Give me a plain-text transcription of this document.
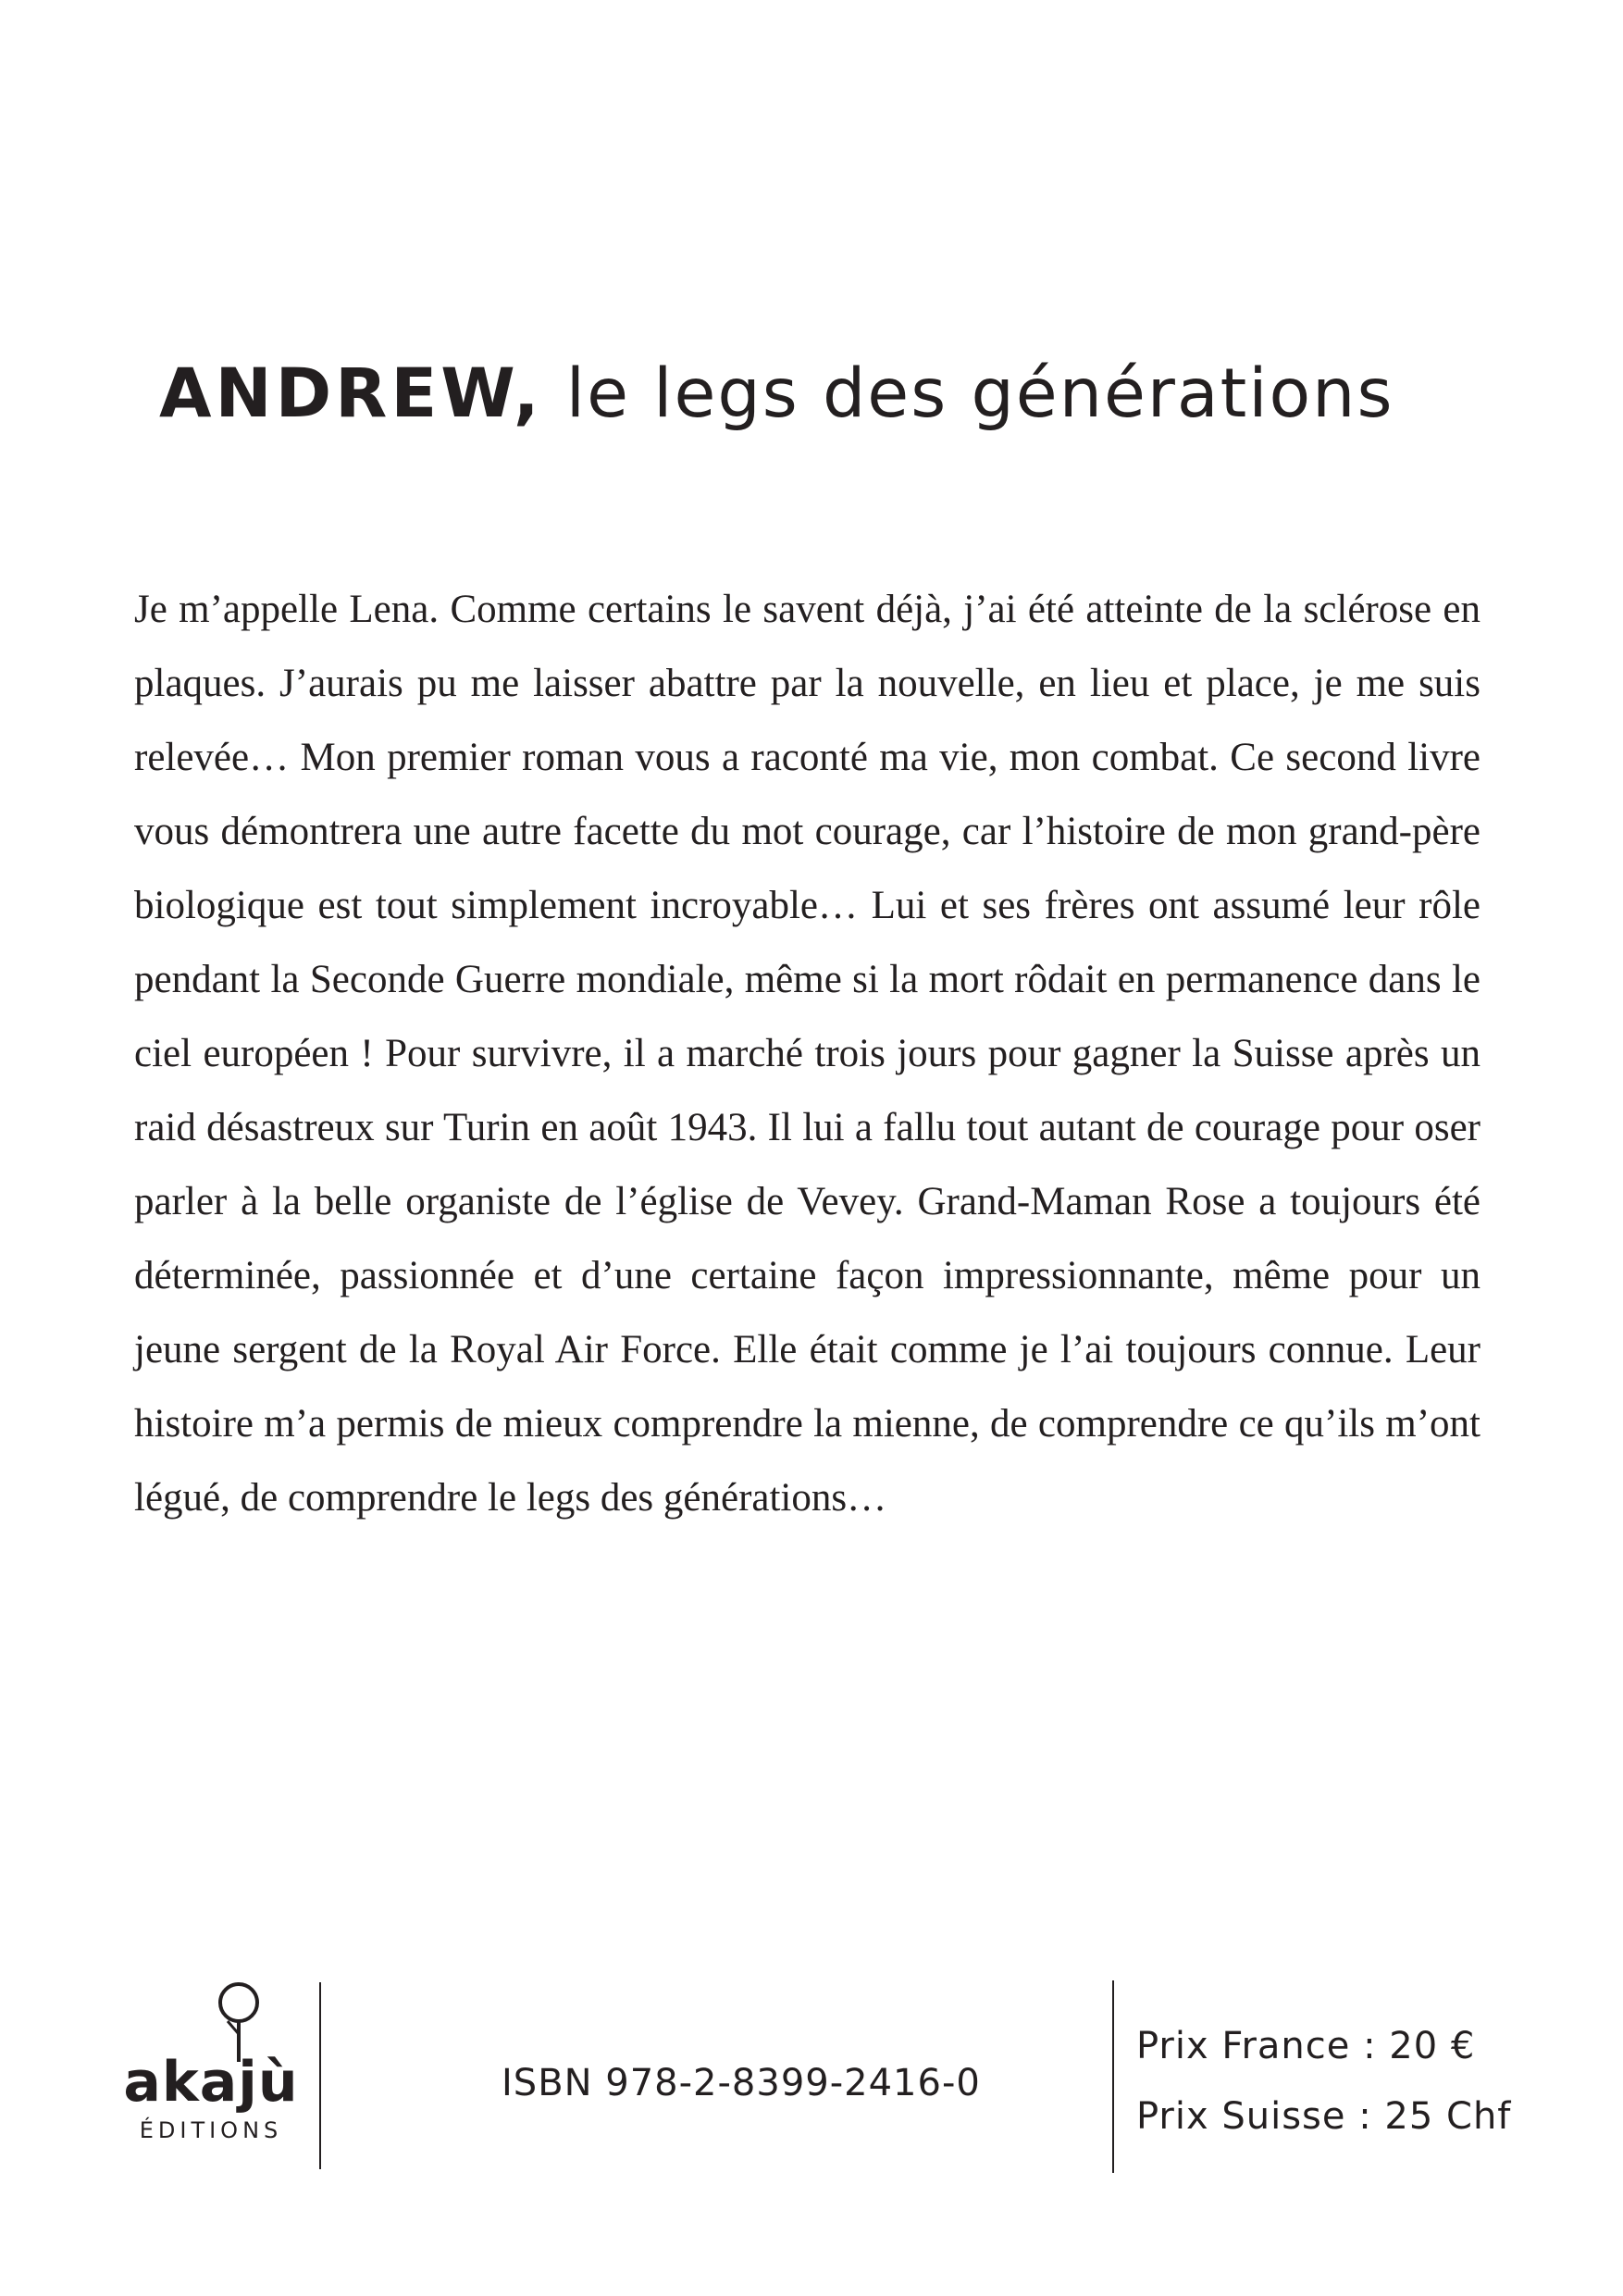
ANDREW, le legs des générations

Je m’appelle Lena. Comme certains le savent déjà, j’ai été atteinte de la sclérose en plaques. J’aurais pu me laisser abattre par la nouvelle, en lieu et place, je me suis relevée… Mon premier roman vous a raconté ma vie, mon combat. Ce second livre vous démontrera une autre facette du mot courage, car l’histoire de mon grand-père biologique est tout simplement incroyable… Lui et ses frères ont assumé leur rôle pendant la Seconde Guerre mondiale, même si la mort rôdait en permanence dans le ciel européen ! Pour survivre, il a marché trois jours pour gagner la Suisse après un raid désastreux sur Turin en août 1943. Il lui a fallu tout autant de courage pour oser parler à la belle organiste de l’église de Vevey. Grand-Maman Rose a toujours été déterminée, passionnée et d’une certaine façon impressionnante, même pour un jeune sergent de la Royal Air Force. Elle était comme je l’ai toujours connue. Leur histoire m’a permis de mieux comprendre la mienne, de comprendre ce qu’ils m’ont légué, de comprendre le legs des générations…

akajù
ÉDITIONS
ISBN 978-2-8399-2416-0
Prix France : 20 €
Prix Suisse : 25 Chf
